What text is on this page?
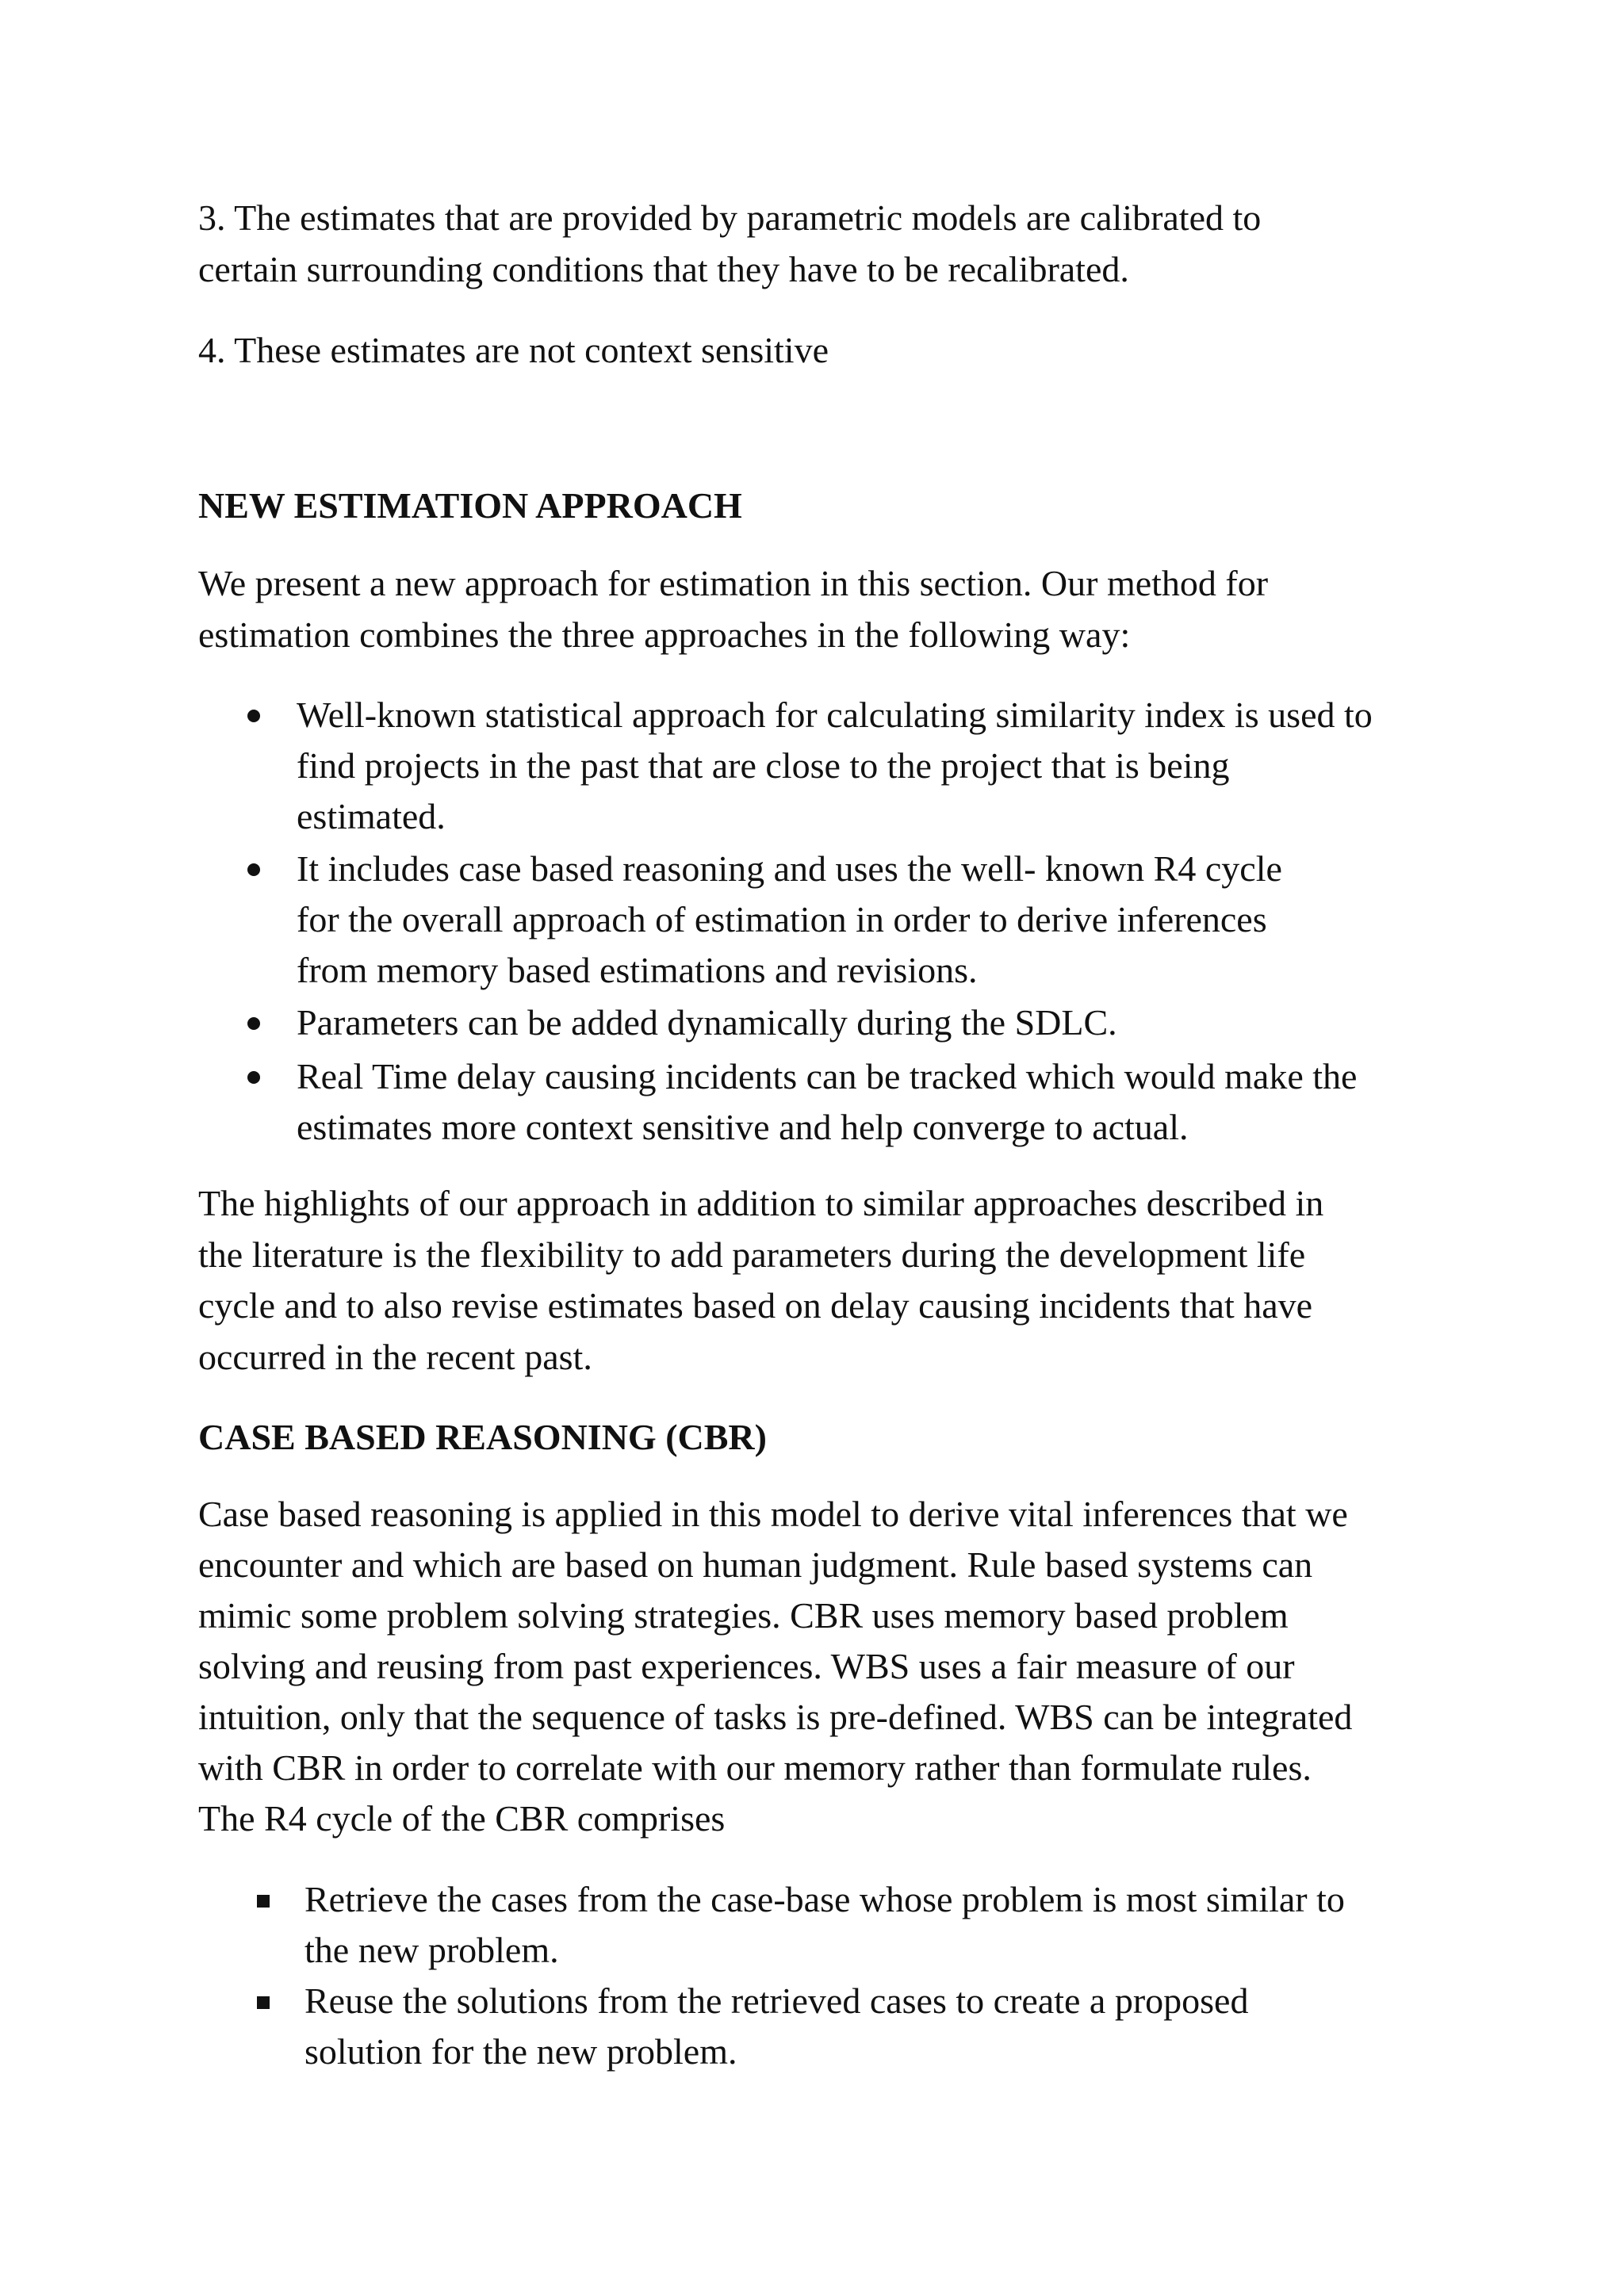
3. The estimates that are provided by parametric models are calibrated to

certain surrounding conditions that they have to be recalibrated.

4. These estimates are not context sensitive

NEW ESTIMATION APPROACH

We present a new approach for estimation in this section. Our method for

estimation combines the three approaches in the following way:

Well-known statistical approach for calculating similarity index is used to

find projects in the past that are close to the project that is being

estimated.

It includes case based reasoning and uses the well- known R4 cycle

for the overall approach of estimation in order to derive inferences

from memory based estimations and revisions.

Parameters can be added dynamically during the SDLC.

Real Time delay causing incidents can be tracked which would make the

estimates more context sensitive and help converge to actual.

The highlights of our approach in addition to similar approaches described in

the literature is the flexibility to add parameters during the development life

cycle and to also revise estimates based on delay causing incidents that have

occurred in the recent past.

CASE BASED REASONING (CBR)

Case based reasoning is applied in this model to derive vital inferences that we

encounter and which are based on human judgment. Rule based systems can

mimic some problem solving strategies. CBR uses memory based problem

solving and reusing from past experiences. WBS uses a fair measure of our

intuition, only that the sequence of tasks is pre-defined. WBS can be integrated

with CBR in order to correlate with our memory rather than formulate rules.

The R4 cycle of the CBR comprises

Retrieve the cases from the case-base whose problem is most similar to

the new problem.

Reuse the solutions from the retrieved cases to create a proposed

solution for the new problem.
